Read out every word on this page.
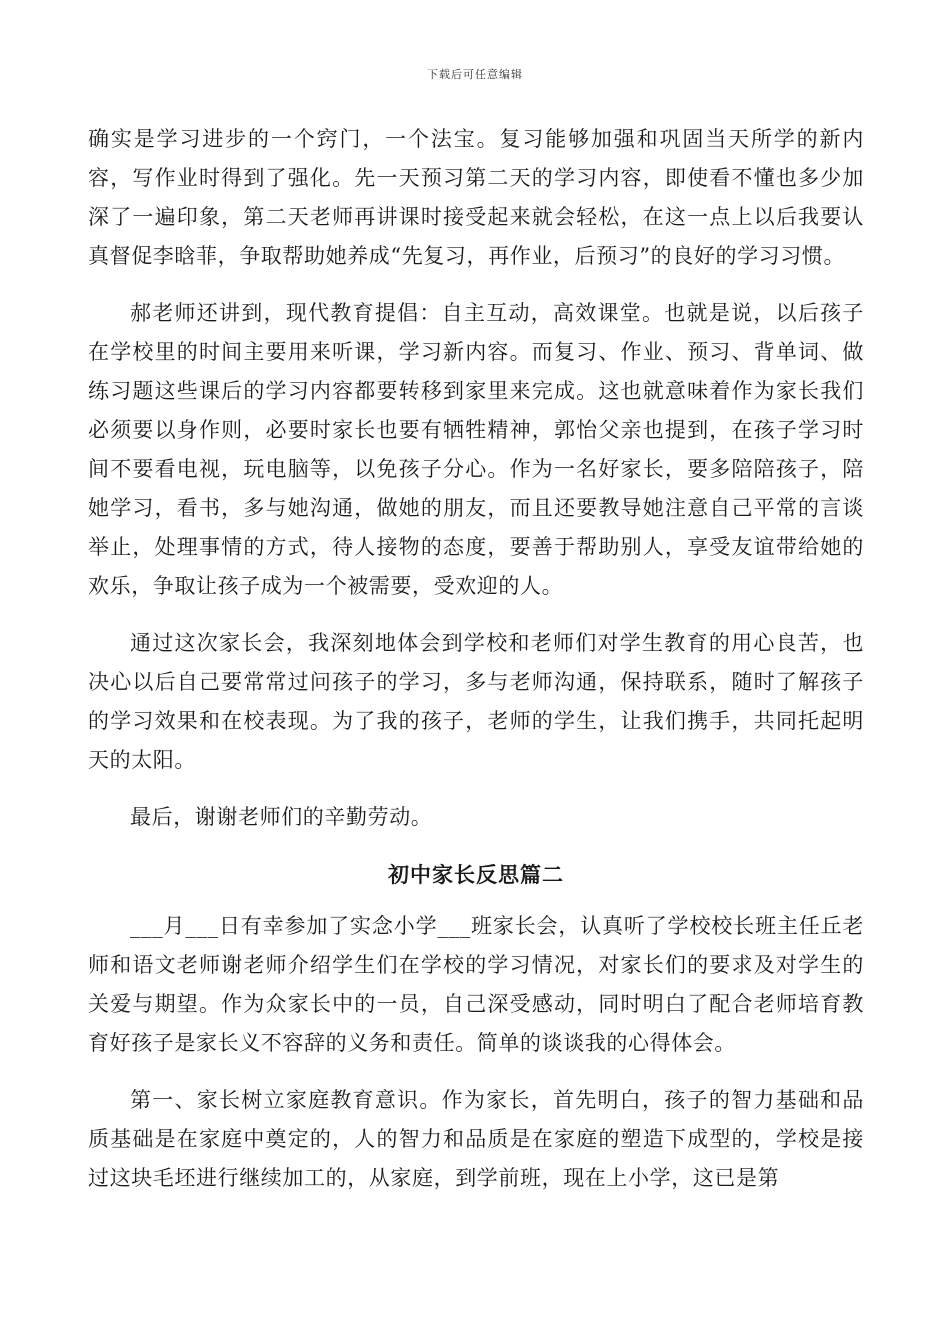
下载后可任意编辑

确实是学习进步的一个窍门，一个法宝。复习能够加强和巩固当天所学的新内容，写作业时得到了强化。先一天预习第二天的学习内容，即使看不懂也多少加深了一遍印象，第二天老师再讲课时接受起来就会轻松，在这一点上以后我要认真督促李晗菲，争取帮助她养成“先复习，再作业，后预习”的良好的学习习惯。

郝老师还讲到，现代教育提倡：自主互动，高效课堂。也就是说，以后孩子在学校里的时间主要用来听课，学习新内容。而复习、作业、预习、背单词、做练习题这些课后的学习内容都要转移到家里来完成。这也就意味着作为家长我们必须要以身作则，必要时家长也要有牺牲精神，郭怡父亲也提到，在孩子学习时间不要看电视，玩电脑等，以免孩子分心。作为一名好家长，要多陪陪孩子，陪她学习，看书，多与她沟通，做她的朋友，而且还要教导她注意自己平常的言谈举止，处理事情的方式，待人接物的态度，要善于帮助别人，享受友谊带给她的欢乐，争取让孩子成为一个被需要，受欢迎的人。

通过这次家长会，我深刻地体会到学校和老师们对学生教育的用心良苦，也决心以后自己要常常过问孩子的学习，多与老师沟通，保持联系，随时了解孩子的学习效果和在校表现。为了我的孩子，老师的学生，让我们携手，共同托起明天的太阳。

最后，谢谢老师们的辛勤劳动。

初中家长反思篇二

___月___日有幸参加了实念小学___班家长会，认真听了学校校长班主任丘老师和语文老师谢老师介绍学生们在学校的学习情况，对家长们的要求及对学生的关爱与期望。作为众家长中的一员，自己深受感动，同时明白了配合老师培育教育好孩子是家长义不容辞的义务和责任。简单的谈谈我的心得体会。

第一、家长树立家庭教育意识。作为家长，首先明白，孩子的智力基础和品质基础是在家庭中奠定的，人的智力和品质是在家庭的塑造下成型的，学校是接过这块毛坯进行继续加工的，从家庭，到学前班，现在上小学，这已是第
